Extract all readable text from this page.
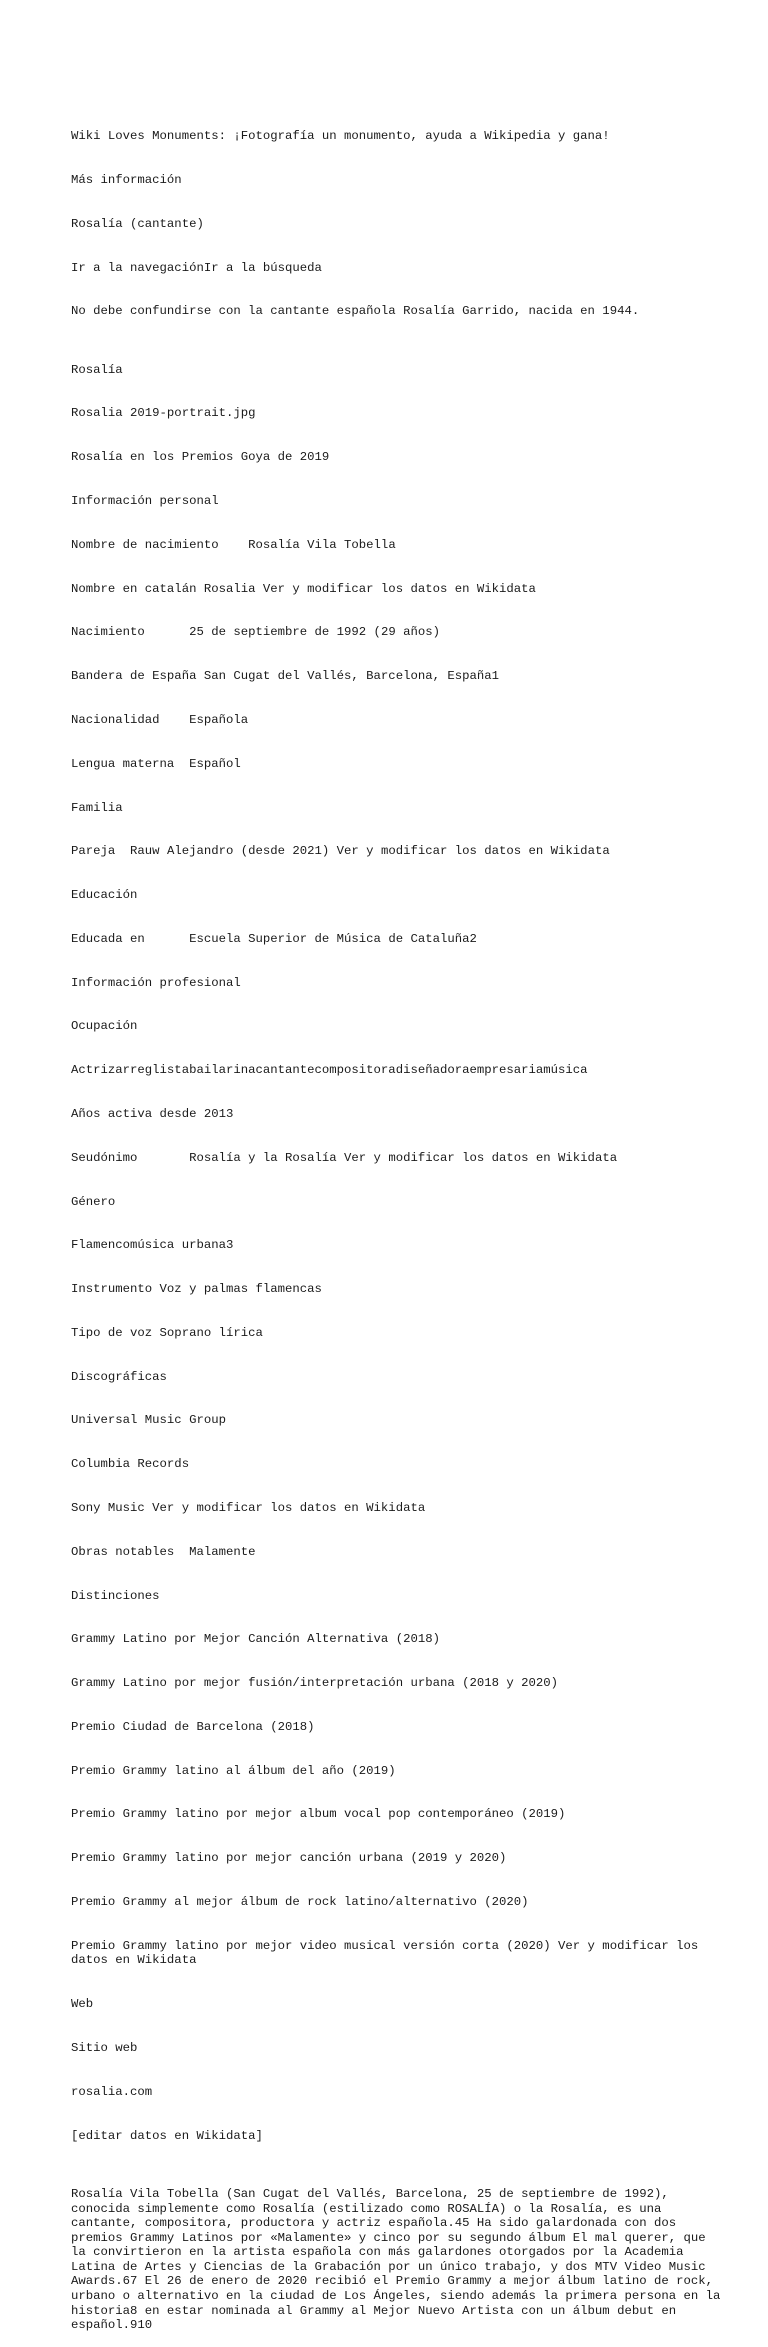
Wiki Loves Monuments: ¡Fotografía un monumento, ayuda a Wikipedia y gana!

Más información

Rosalía (cantante)

Ir a la navegaciónIr a la búsqueda

No debe confundirse con la cantante española Rosalía Garrido, nacida en 1944.

Rosalía

Rosalia 2019-portrait.jpg

Rosalía en los Premios Goya de 2019

Información personal

Nombre de nacimiento	Rosalía Vila Tobella

Nombre en catalán Rosalia Ver y modificar los datos en Wikidata

Nacimiento	25 de septiembre de 1992 (29 años)

Bandera de España San Cugat del Vallés, Barcelona, España1

Nacionalidad	Española

Lengua materna	Español

Familia

Pareja	Rauw Alejandro (desde 2021) Ver y modificar los datos en Wikidata

Educación

Educada en	Escuela Superior de Música de Cataluña2

Información profesional

Ocupación

Actrizarreglistabailarinacantantecompositoradiseñadoraempresariamúsica

Años activa desde 2013

Seudónimo	Rosalía y la Rosalía Ver y modificar los datos en Wikidata

Género

Flamencomúsica urbana3

Instrumento Voz y palmas flamencas

Tipo de voz Soprano lírica

Discográficas

Universal Music Group

Columbia Records

Sony Music Ver y modificar los datos en Wikidata

Obras notables	Malamente

Distinciones

Grammy Latino por Mejor Canción Alternativa (2018)

Grammy Latino por mejor fusión/interpretación urbana (2018 y 2020)

Premio Ciudad de Barcelona (2018)

Premio Grammy latino al álbum del año (2019)

Premio Grammy latino por mejor album vocal pop contemporáneo (2019)

Premio Grammy latino por mejor canción urbana (2019 y 2020)

Premio Grammy al mejor álbum de rock latino/alternativo (2020)

Premio Grammy latino por mejor video musical versión corta (2020) Ver y modificar los datos en Wikidata

Web

Sitio web

rosalia.com

[editar datos en Wikidata]

Rosalía Vila Tobella (San Cugat del Vallés, Barcelona, 25 de septiembre de 1992), conocida simplemente como Rosalía (estilizado como ROSALÍA) o la Rosalía, es una cantante, compositora, productora y actriz española.45 Ha sido galardonada con dos premios Grammy Latinos por «Malamente» y cinco por su segundo álbum El mal querer, que la convirtieron en la artista española con más galardones otorgados por la Academia Latina de Artes y Ciencias de la Grabación por un único trabajo, y dos MTV Video Music Awards.67 El 26 de enero de 2020 recibió el Premio Grammy a mejor álbum latino de rock, urbano o alternativo en la ciudad de Los Ángeles, siendo además la primera persona en la historia8 en estar nominada al Grammy al Mejor Nuevo Artista con un álbum debut en español.910
